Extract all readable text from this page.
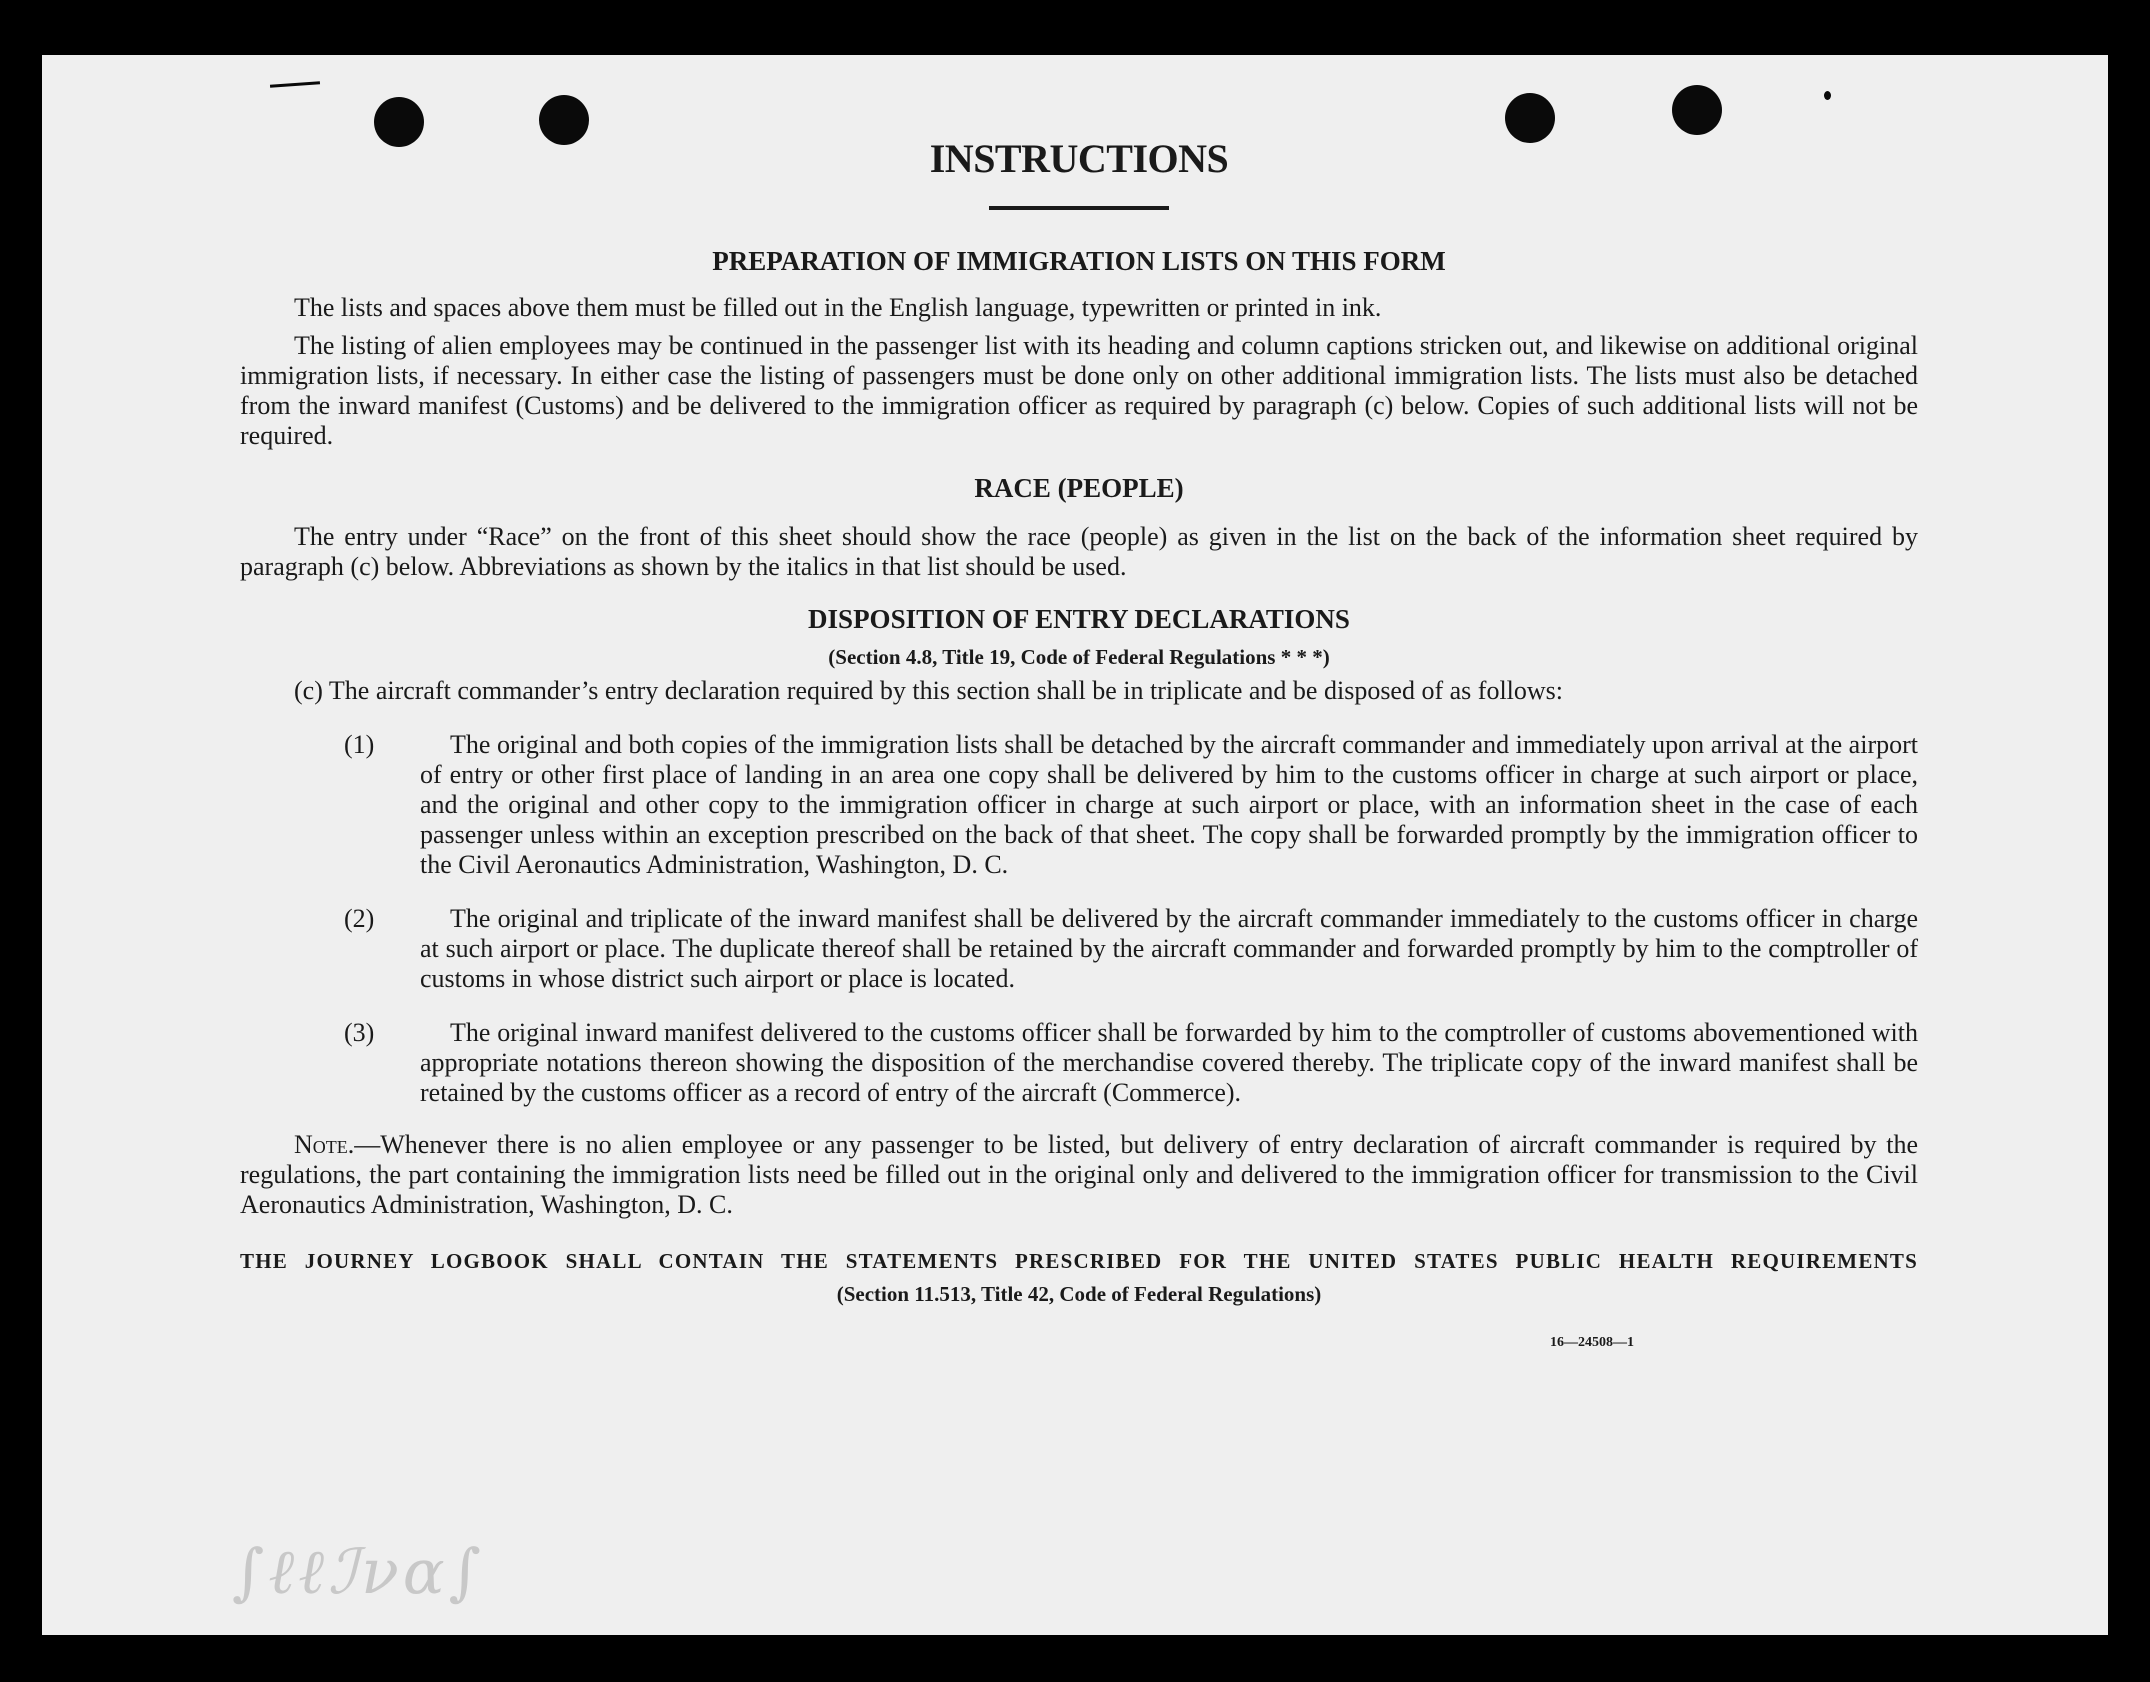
INSTRUCTIONS
PREPARATION OF IMMIGRATION LISTS ON THIS FORM

The lists and spaces above them must be filled out in the English language, typewritten or printed in ink.

The listing of alien employees may be continued in the passenger list with its heading and column captions stricken out, and likewise on additional original immigration lists, if necessary. In either case the listing of passengers must be done only on other additional immigration lists. The lists must also be detached from the inward manifest (Customs) and be delivered to the immigration officer as required by paragraph (c) below. Copies of such additional lists will not be required.

RACE (PEOPLE)

The entry under “Race” on the front of this sheet should show the race (people) as given in the list on the back of the information sheet required by paragraph (c) below. Abbreviations as shown by the italics in that list should be used.

DISPOSITION OF ENTRY DECLARATIONS
(Section 4.8, Title 19, Code of Federal Regulations * * *)

(c) The aircraft commander’s entry declaration required by this section shall be in triplicate and be disposed of as follows:

(1)	The original and both copies of the immigration lists shall be detached by the aircraft commander and immediately upon arrival at the airport of entry or other first place of landing in an area one copy shall be delivered by him to the customs officer in charge at such airport or place, and the original and other copy to the immigration officer in charge at such airport or place, with an information sheet in the case of each passenger unless within an exception prescribed on the back of that sheet. The copy shall be forwarded promptly by the immigration officer to the Civil Aeronautics Administration, Washington, D. C.
(2)	The original and triplicate of the inward manifest shall be delivered by the aircraft commander immediately to the customs officer in charge at such airport or place. The duplicate thereof shall be retained by the aircraft commander and forwarded promptly by him to the comptroller of customs in whose district such airport or place is located.
(3)	The original inward manifest delivered to the customs officer shall be forwarded by him to the comptroller of customs abovementioned with appropriate notations thereon showing the disposition of the merchandise covered thereby. The triplicate copy of the inward manifest shall be retained by the customs officer as a record of entry of the aircraft (Commerce).

Note.—Whenever there is no alien employee or any passenger to be listed, but delivery of entry declaration of aircraft commander is required by the regulations, the part containing the immigration lists need be filled out in the original only and delivered to the immigration officer for transmission to the Civil Aeronautics Administration, Washington, D. C.

THE JOURNEY LOGBOOK SHALL CONTAIN THE STATEMENTS PRESCRIBED FOR THE UNITED STATES PUBLIC HEALTH REQUIREMENTS

(Section 11.513, Title 42, Code of Federal Regulations)
16—24508—1
∫ℓℓℐνα∫
